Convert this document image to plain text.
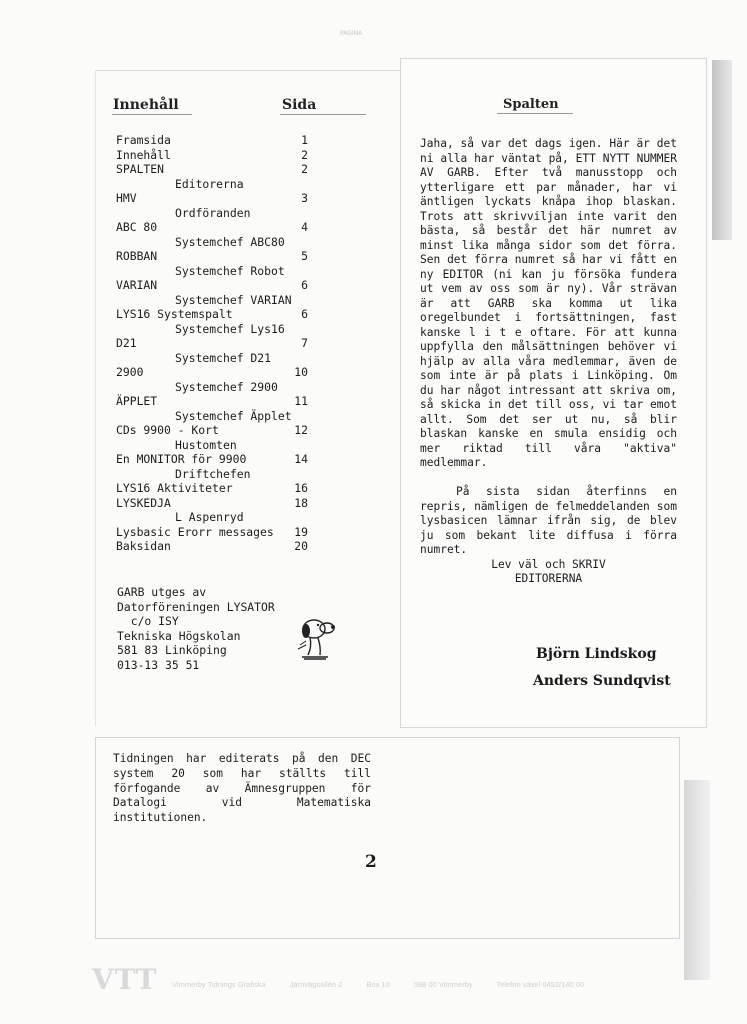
PAGINA
Innehåll	Sida
Framsida	1
Innehåll	2
SPALTEN	2
Editorerna
HMV	3
Ordföranden
ABC 80	4
Systemchef ABC80
ROBBAN	5
Systemchef Robot
VARIAN	6
Systemchef VARIAN
LYS16 Systemspalt	6
Systemchef Lys16
D21	7
Systemchef D21
2900	10
Systemchef 2900
ÄPPLET	11
Systemchef Äpplet
CDs 9900 - Kort	12
Hustomten
En MONITOR för 9900	14
Driftchefen
LYS16 Aktiviteter	16
LYSKEDJA	18
L Aspenryd
Lysbasic Erorr messages 19
Baksidan	20
GARB utges av
Datorföreningen LYSATOR
c/o ISY
Tekniska Högskolan
581 83 Linköping
013-13 35 51
Spalten

Jaha, så var det dags igen. Här är det ni alla har väntat på, ETT NYTT NUMMER AV GARB. Efter två manusstopp och ytterligare ett par månader, har vi äntligen lyckats knåpa ihop blaskan. Trots att skrivviljan inte varit den bästa, så består det här numret av minst lika många sidor som det förra. Sen det förra numret så har vi fått en ny EDITOR (ni kan ju försöka fundera ut vem av oss som är ny). Vår strävan är att GARB ska komma ut lika oregelbundet i fortsättningen, fast kanske l i t e oftare. För att kunna uppfylla den målsättningen behöver vi hjälp av alla våra medlemmar, även de som inte är på plats i Linköping. Om du har något intressant att skriva om, så skicka in det till oss, vi tar emot allt. Som det ser ut nu, så blir blaskan kanske en smula ensidig och mer riktad till våra "aktiva" medlemmar.

På sista sidan återfinns en repris, nämligen de felmeddelanden som lysbasicen lämnar ifrån sig, de blev ju som bekant lite diffusa i förra numret.

Lev väl och SKRIV

EDITORERNA

Björn Lindskog
Anders Sundqvist

Tidningen har editerats på den DEC system 20 som har ställts till förfogande av Ämnesgruppen för Datalogi vid Matematiska institutionen.

2
VTT Vimmerby Tidnings Grafiska	Järnvägsallén 2	Box 10	598 00 Vimmerby	Telefon växel 0492/140 00
